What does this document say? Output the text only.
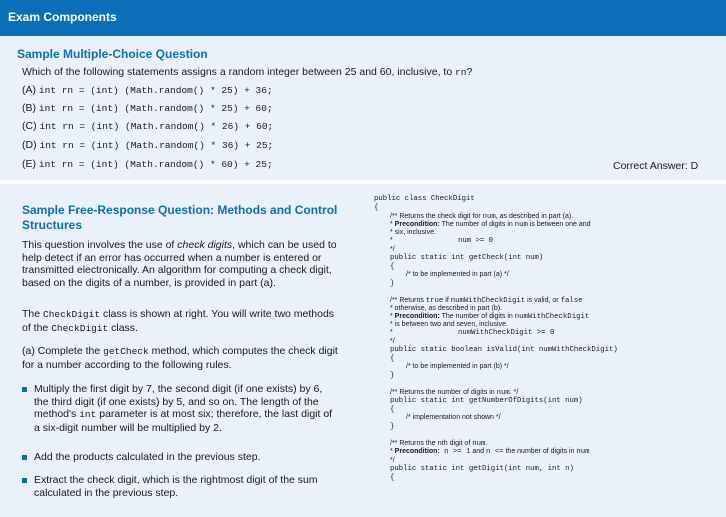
Exam Components
Sample Multiple-Choice Question
Which of the following statements assigns a random integer between 25 and 60, inclusive, to rn?
(A) int rn = (int) (Math.random() * 25) + 36;
(B) int rn = (int) (Math.random() * 25) + 60;
(C) int rn = (int) (Math.random() * 26) + 60;
(D) int rn = (int) (Math.random() * 36) + 25;
(E) int rn = (int) (Math.random() * 60) + 25;	Correct Answer: D
Sample Free-Response Question: Methods and Control Structures
This question involves the use of check digits, which can be used to help detect if an error has occurred when a number is entered or transmitted electronically. An algorithm for computing a check digit, based on the digits of a number, is provided in part (a).
The CheckDigit class is shown at right. You will write two methods of the CheckDigit class.
(a) Complete the getCheck method, which computes the check digit for a number according to the following rules.
Multiply the first digit by 7, the second digit (if one exists) by 6, the third digit (if one exists) by 5, and so on. The length of the method's int parameter is at most six; therefore, the last digit of a six-digit number will be multiplied by 2.
Add the products calculated in the previous step.
Extract the check digit, which is the rightmost digit of the sum calculated in the previous step.
public class CheckDigit
{
/** Returns the check digit for num, as described in part (a).
* Precondition: The number of digits in num is between one and
* six, inclusive.
*	num >= 0
*/
public static int getCheck(int num)
{
/* to be implemented in part (a) */
}
/** Returns true if numWithCheckDigit is valid, or false
* otherwise, as described in part (b).
* Precondition: The number of digits in numWithCheckDigit
* is between two and seven, inclusive.
*	numWithCheckDigit >= 0
*/
public static boolean isValid(int numWithCheckDigit)
{
/* to be implemented in part (b) */
}
/** Returns the number of digits in num. */
public static int getNumberOfDigits(int num)
{
/* implementation not shown */
}
/** Returns the nth digit of num.
* Precondition: n >= 1 and n <= the number of digits in num
*/
public static int getDigit(int num, int n)
{
